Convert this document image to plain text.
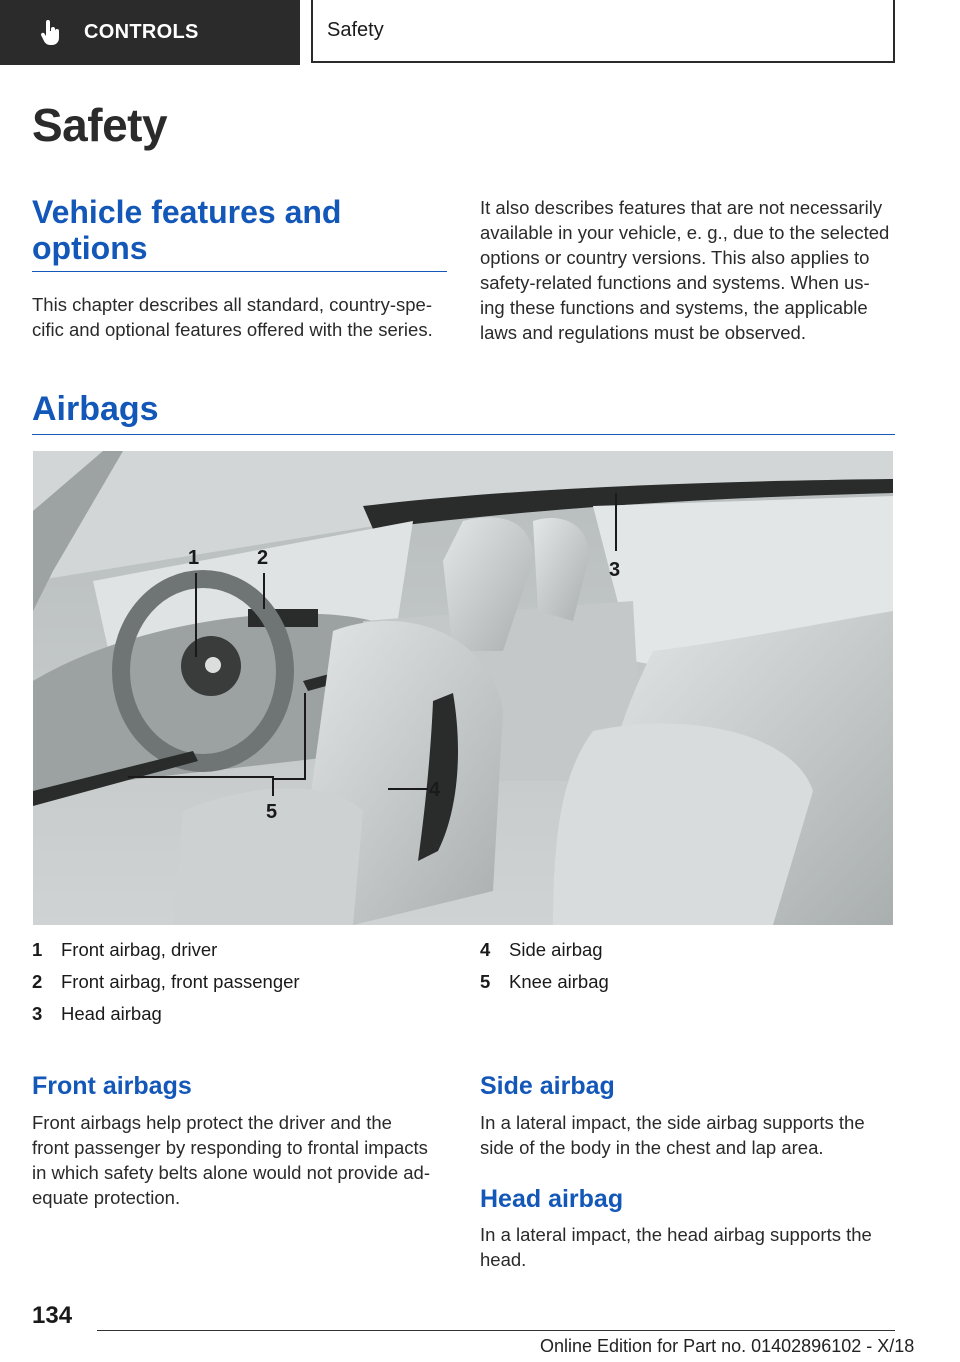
CONTROLS	Safety
Safety
Vehicle features and
options
This chapter describes all standard, country-spe-
cific and optional features offered with the series.
It also describes features that are not necessarily
available in your vehicle, e. g., due to the selected
options or country versions. This also applies to
safety-related functions and systems. When us-
ing these functions and systems, the applicable
laws and regulations must be observed.
Airbags
1	2
3
4
5
1	Front airbag, driver
2	Front airbag, front passenger
3	Head airbag
4	Side airbag
5	Knee airbag
Front airbags
Front airbags help protect the driver and the
front passenger by responding to frontal impacts
in which safety belts alone would not provide ad-
equate protection.
Side airbag
In a lateral impact, the side airbag supports the
side of the body in the chest and lap area.
Head airbag
In a lateral impact, the head airbag supports the
head.
134
Online Edition for Part no. 01402896102 - X/18
